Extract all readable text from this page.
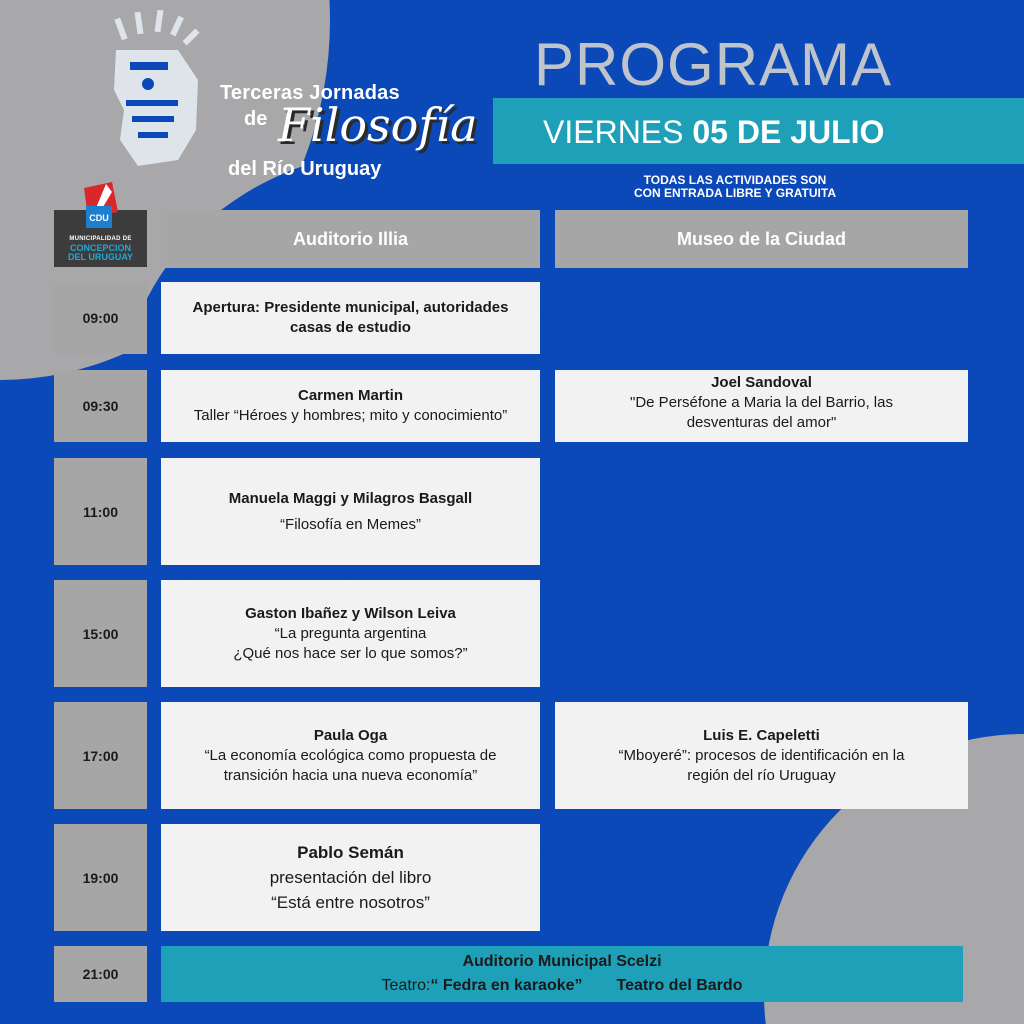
Terceras Jornadas
de Filosofía
del Río Uruguay
CDU
MUNICIPALIDAD DE
CONCEPCION
DEL URUGUAY
PROGRAMA
VIERNES 05 DE JULIO
TODAS LAS ACTIVIDADES SON
CON ENTRADA LIBRE Y GRATUITA
Auditorio Illia	Museo de la Ciudad
09:00
Apertura: Presidente municipal, autoridades
casas de estudio
09:30
Carmen Martin
Taller “Héroes y hombres; mito y conocimiento”
Joel Sandoval
"De Perséfone a Maria la del Barrio, las
desventuras del amor"
11:00
Manuela Maggi y Milagros Basgall
“Filosofía en Memes”
15:00
Gaston Ibañez y Wilson Leiva
“La pregunta argentina
¿Qué nos hace ser lo que somos?”
17:00
Paula Oga
“La economía ecológica como propuesta de
transición hacia una nueva economía”
Luis E. Capeletti
“Mboyeré”: procesos de identificación en la
región del río Uruguay
19:00
Pablo Semán
presentación del libro
“Está entre nosotros”
21:00
Auditorio Municipal Scelzi
Teatro:“ Fedra en karaoke” Teatro del Bardo
